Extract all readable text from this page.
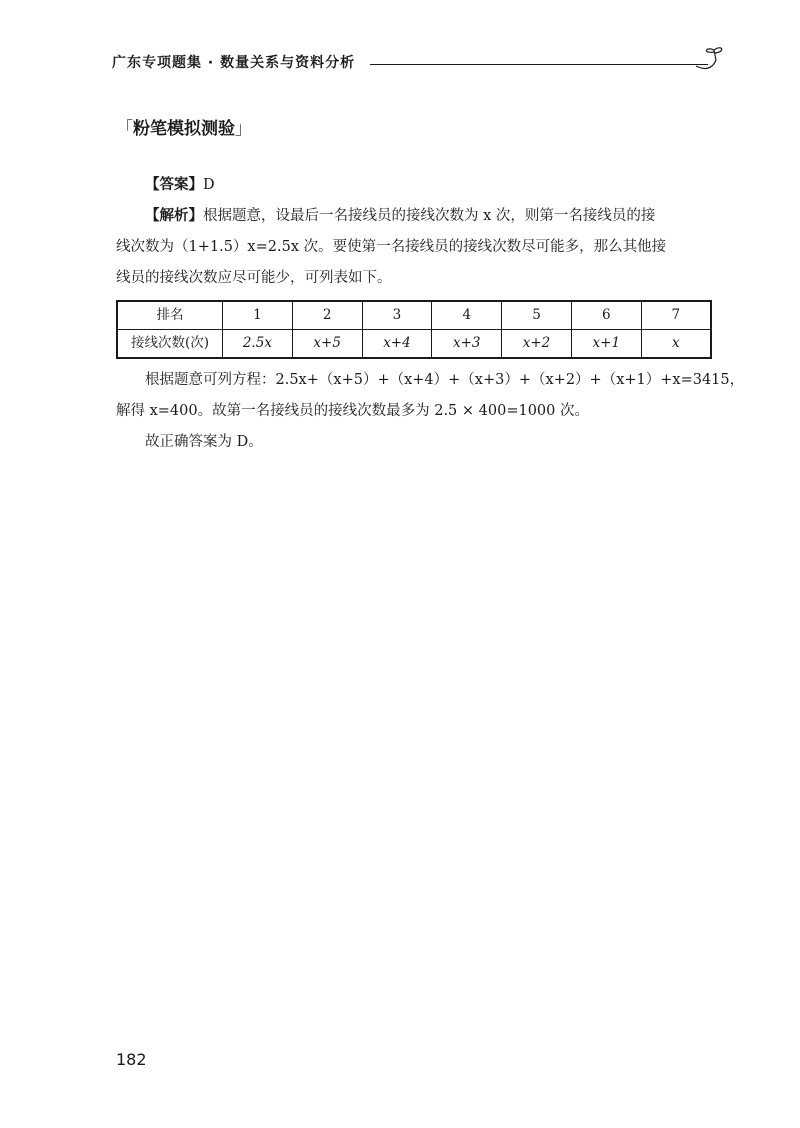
广东专项题集 · 数量关系与资料分析
「粉笔模拟测验」
【答案】D
【解析】根据题意，设最后一名接线员的接线次数为 x 次，则第一名接线员的接
线次数为（1+1.5）x=2.5x 次。要使第一名接线员的接线次数尽可能多，那么其他接
线员的接线次数应尽可能少，可列表如下。
排名	1	2	3	4	5	6	7
接线次数(次)	2.5x	x+5	x+4	x+3	x+2	x+1	x
根据题意可列方程：2.5x+（x+5）+（x+4）+（x+3）+（x+2）+（x+1）+x=3415，
解得 x=400。故第一名接线员的接线次数最多为 2.5 × 400=1000 次。
故正确答案为 D。
182
